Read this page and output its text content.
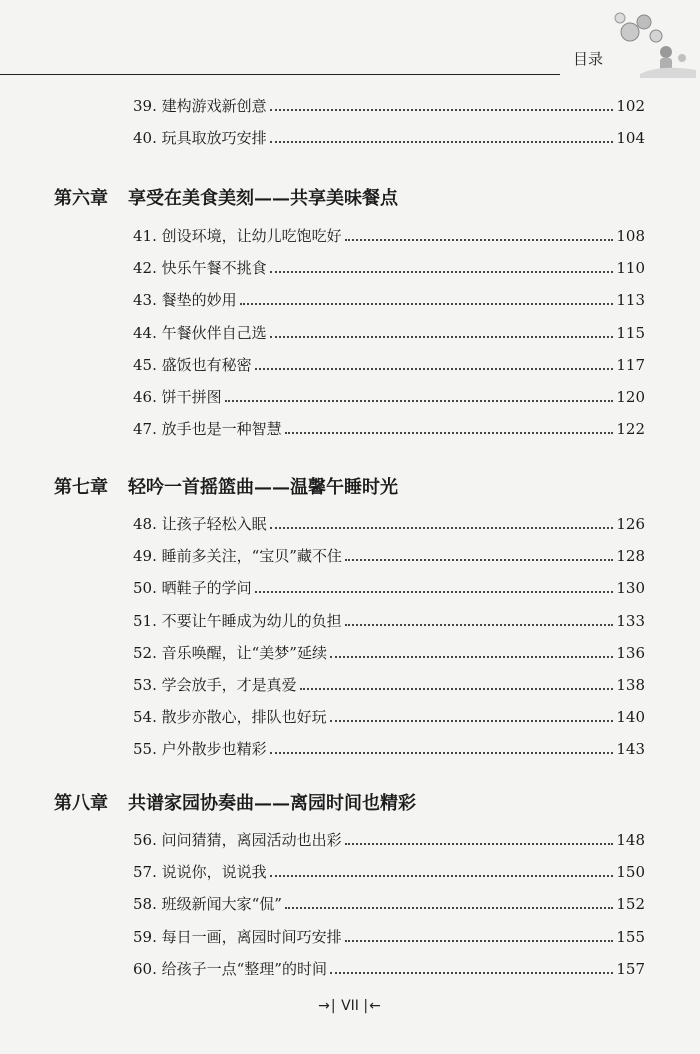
目录
39. 建构游戏新创意	102
40. 玩具取放巧安排	104
第六章 享受在美食美刻——共享美味餐点
41. 创设环境，让幼儿吃饱吃好	108
42. 快乐午餐不挑食	110
43. 餐垫的妙用	113
44. 午餐伙伴自己选	115
45. 盛饭也有秘密	117
46. 饼干拼图	120
47. 放手也是一种智慧	122
第七章 轻吟一首摇篮曲——温馨午睡时光
48. 让孩子轻松入眠	126
49. 睡前多关注，“宝贝”藏不住	128
50. 晒鞋子的学问	130
51. 不要让午睡成为幼儿的负担	133
52. 音乐唤醒，让“美梦”延续	136
53. 学会放手，才是真爱	138
54. 散步亦散心，排队也好玩	140
55. 户外散步也精彩	143
第八章 共谱家园协奏曲——离园时间也精彩
56. 问问猜猜，离园活动也出彩	148
57. 说说你，说说我	150
58. 班级新闻大家“侃”	152
59. 每日一画，离园时间巧安排	155
60. 给孩子一点“整理”的时间	157
→| VII |←
